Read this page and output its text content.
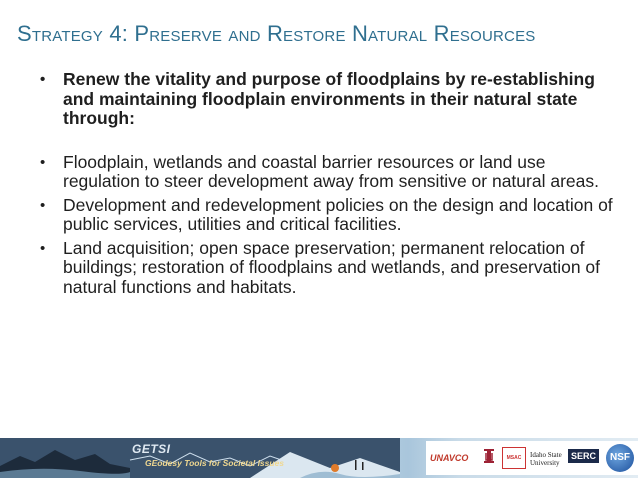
Strategy 4: Preserve and Restore Natural Resources
• Renew the vitality and purpose of floodplains by re-establishing and maintaining floodplain environments in their natural state through:
• Floodplain, wetlands and coastal barrier resources or land use regulation to steer development away from sensitive or natural areas.
• Development and redevelopment policies on the design and location of public services, utilities and critical facilities.
• Land acquisition; open space preservation; permanent relocation of buildings; restoration of floodplains and wetlands, and preservation of natural functions and habitats.
GETSI
GEodesy Tools for Societal Issues	UNAVCO	MSAC	Idaho State University
SERC	NSF
